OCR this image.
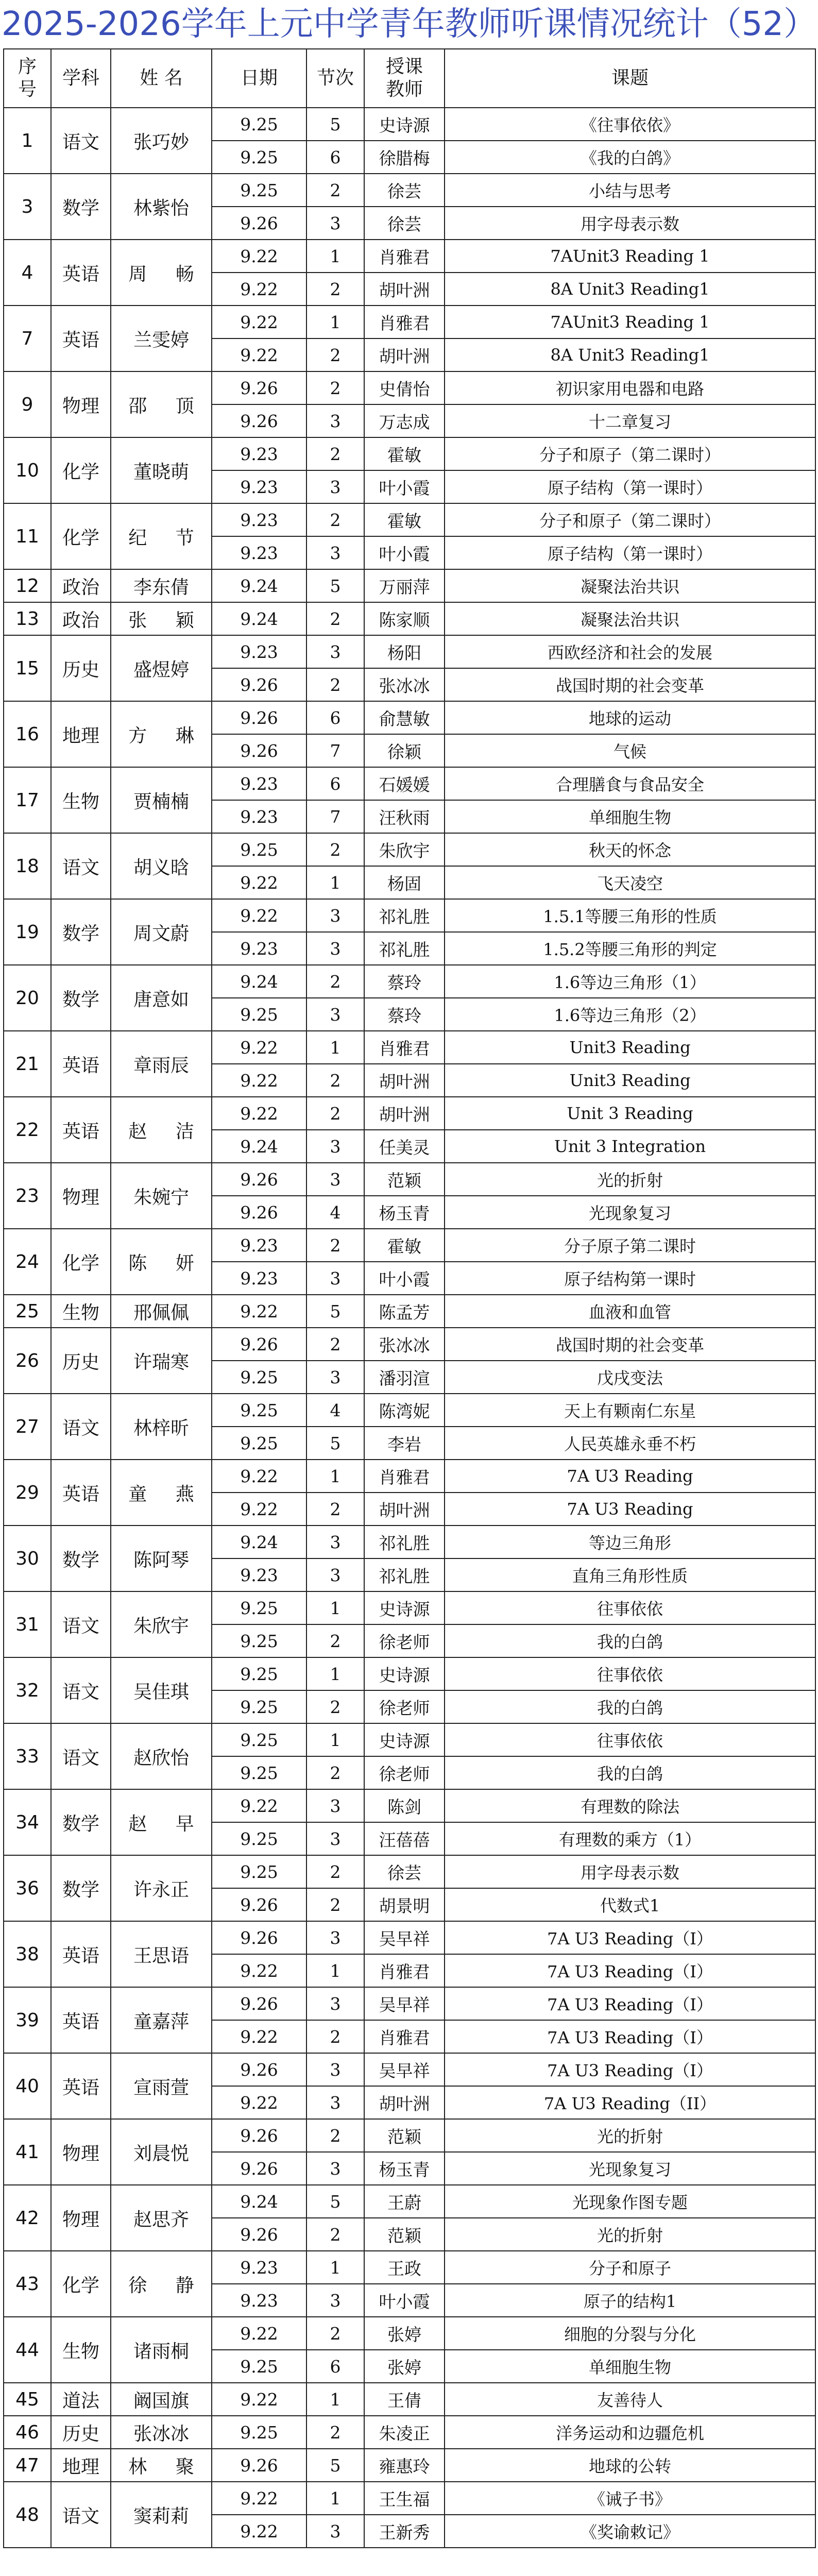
2025-2026学年上元中学青年教师听课情况统计（52）
序号	学科	姓 名	日期	节次	授课教师	课题
1	语文	张巧妙	9.25	5	史诗源	《往事依依》
			9.25	6	徐腊梅	《我的白鸽》
3	数学	林紫怡	9.25	2	徐芸	小结与思考
			9.26	3	徐芸	用字母表示数
4	英语	周 畅	9.22	1	肖雅君	7AUnit3 Reading 1
			9.22	2	胡叶洲	8A Unit3 Reading1
7	英语	兰雯婷	9.22	1	肖雅君	7AUnit3 Reading 1
			9.22	2	胡叶洲	8A Unit3 Reading1
9	物理	邵 顶	9.26	2	史倩怡	初识家用电器和电路
			9.26	3	万志成	十二章复习
10	化学	董晓萌	9.23	2	霍敏	分子和原子（第二课时）
			9.23	3	叶小霞	原子结构（第一课时）
11	化学	纪 节	9.23	2	霍敏	分子和原子（第二课时）
			9.23	3	叶小霞	原子结构（第一课时）
12	政治	李东倩	9.24	5	万丽萍	凝聚法治共识
13	政治	张 颖	9.24	2	陈家顺	凝聚法治共识
15	历史	盛煜婷	9.23	3	杨阳	西欧经济和社会的发展
			9.26	2	张冰冰	战国时期的社会变革
16	地理	方 琳	9.26	6	俞慧敏	地球的运动
			9.26	7	徐颖	气候
17	生物	贾楠楠	9.23	6	石媛媛	合理膳食与食品安全
			9.23	7	汪秋雨	单细胞生物
18	语文	胡义晗	9.25	2	朱欣宇	秋天的怀念
			9.22	1	杨固	飞天凌空
19	数学	周文蔚	9.22	3	祁礼胜	1.5.1等腰三角形的性质
			9.23	3	祁礼胜	1.5.2等腰三角形的判定
20	数学	唐意如	9.24	2	蔡玲	1.6等边三角形（1）
			9.25	3	蔡玲	1.6等边三角形（2）
21	英语	章雨辰	9.22	1	肖雅君	Unit3 Reading
			9.22	2	胡叶洲	Unit3 Reading
22	英语	赵 洁	9.22	2	胡叶洲	Unit 3 Reading
			9.24	3	任美灵	Unit 3 Integration
23	物理	朱婉宁	9.26	3	范颖	光的折射
			9.26	4	杨玉青	光现象复习
24	化学	陈 妍	9.23	2	霍敏	分子原子第二课时
			9.23	3	叶小霞	原子结构第一课时
25	生物	邢佩佩	9.22	5	陈孟芳	血液和血管
26	历史	许瑞寒	9.26	2	张冰冰	战国时期的社会变革
			9.25	3	潘羽渲	戊戌变法
27	语文	林梓昕	9.25	4	陈湾妮	天上有颗南仁东星
			9.25	5	李岩	人民英雄永垂不朽
29	英语	童 燕	9.22	1	肖雅君	7A U3 Reading
			9.22	2	胡叶洲	7A U3 Reading
30	数学	陈阿琴	9.24	3	祁礼胜	等边三角形
			9.23	3	祁礼胜	直角三角形性质
31	语文	朱欣宇	9.25	1	史诗源	往事依依
			9.25	2	徐老师	我的白鸽
32	语文	吴佳琪	9.25	1	史诗源	往事依依
			9.25	2	徐老师	我的白鸽
33	语文	赵欣怡	9.25	1	史诗源	往事依依
			9.25	2	徐老师	我的白鸽
34	数学	赵 早	9.22	3	陈剑	有理数的除法
			9.25	3	汪蓓蓓	有理数的乘方（1）
36	数学	许永正	9.25	2	徐芸	用字母表示数
			9.26	2	胡景明	代数式1
38	英语	王思语	9.26	3	吴早祥	7A U3 Reading（I）
			9.22	1	肖雅君	7A U3 Reading（I）
39	英语	童嘉萍	9.26	3	吴早祥	7A U3 Reading（I）
			9.22	2	肖雅君	7A U3 Reading（I）
40	英语	宣雨萱	9.26	3	吴早祥	7A U3 Reading（I）
			9.22	3	胡叶洲	7A U3 Reading（II）
41	物理	刘晨悦	9.26	2	范颖	光的折射
			9.26	3	杨玉青	光现象复习
42	物理	赵思齐	9.24	5	王蔚	光现象作图专题
			9.26	2	范颖	光的折射
43	化学	徐 静	9.23	1	王政	分子和原子
			9.23	3	叶小霞	原子的结构1
44	生物	诸雨桐	9.22	2	张婷	细胞的分裂与分化
			9.25	6	张婷	单细胞生物
45	道法	阚国旗	9.22	1	王倩	友善待人
46	历史	张冰冰	9.25	2	朱凌正	洋务运动和边疆危机
47	地理	林 聚	9.26	5	雍惠玲	地球的公转
48	语文	窦莉莉	9.22	1	王生福	《诫子书》
			9.22	3	王新秀	《奖谕敕记》
